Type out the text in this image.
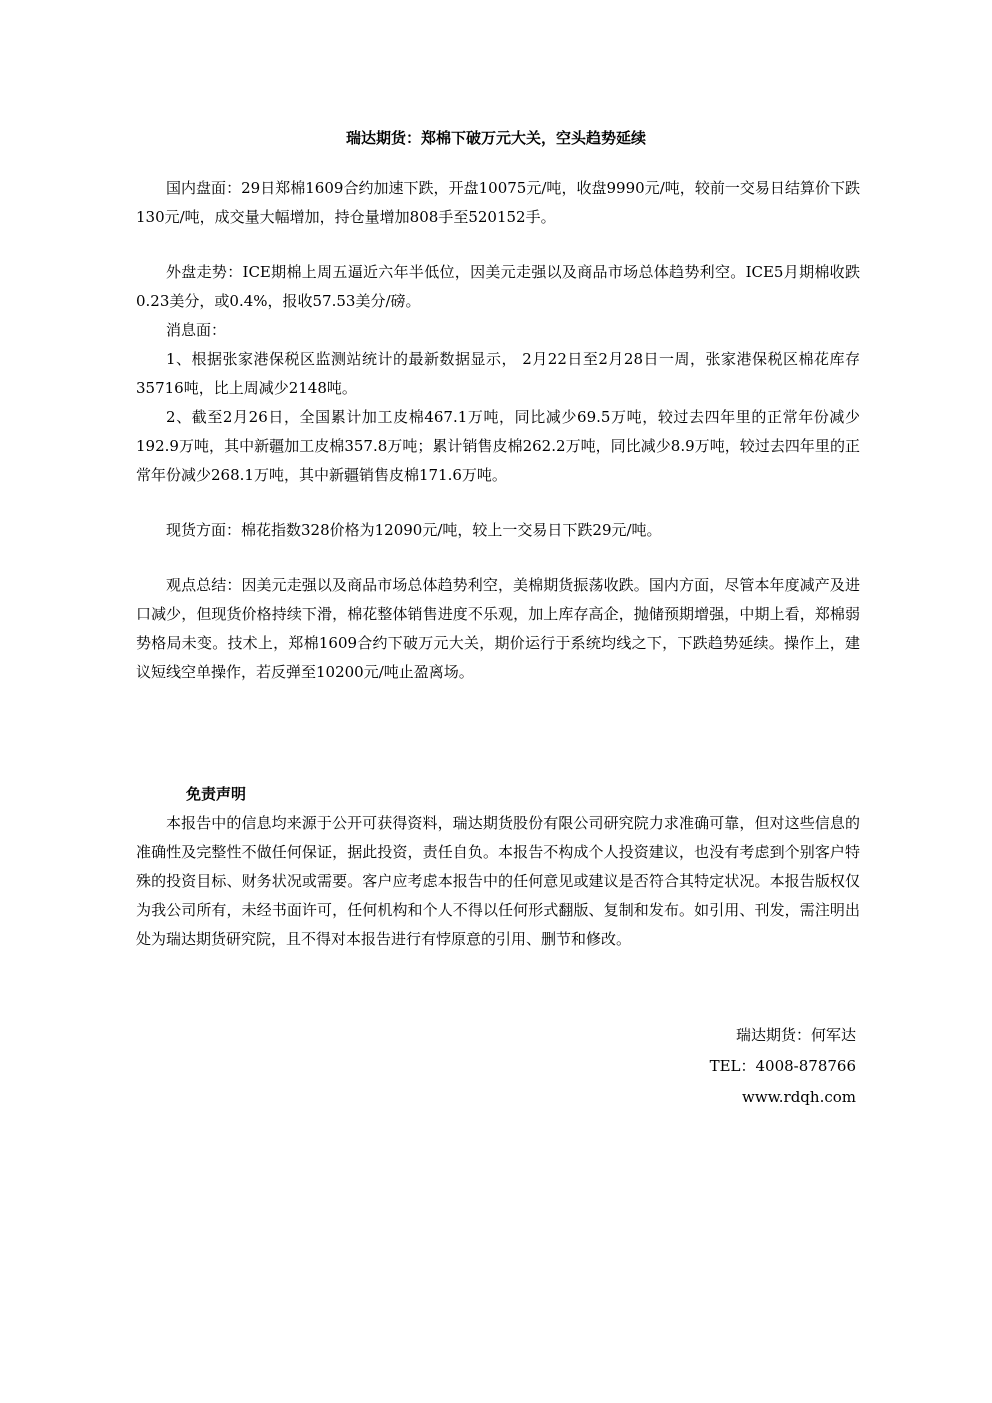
瑞达期货：郑棉下破万元大关，空头趋势延续

国内盘面：29日郑棉1609合约加速下跌，开盘10075元/吨，收盘9990元/吨，较前一交易日结算价下跌130元/吨，成交量大幅增加，持仓量增加808手至520152手。

外盘走势：ICE期棉上周五逼近六年半低位，因美元走强以及商品市场总体趋势利空。ICE5月期棉收跌0.23美分，或0.4%，报收57.53美分/磅。

消息面：

1、根据张家港保税区监测站统计的最新数据显示， 2月22日至2月28日一周，张家港保税区棉花库存35716吨，比上周减少2148吨。

2、截至2月26日，全国累计加工皮棉467.1万吨，同比减少69.5万吨，较过去四年里的正常年份减少192.9万吨，其中新疆加工皮棉357.8万吨；累计销售皮棉262.2万吨，同比减少8.9万吨，较过去四年里的正常年份减少268.1万吨，其中新疆销售皮棉171.6万吨。

现货方面：棉花指数328价格为12090元/吨，较上一交易日下跌29元/吨。

观点总结：因美元走强以及商品市场总体趋势利空，美棉期货振荡收跌。国内方面，尽管本年度减产及进口减少，但现货价格持续下滑，棉花整体销售进度不乐观，加上库存高企，抛储预期增强，中期上看，郑棉弱势格局未变。技术上，郑棉1609合约下破万元大关，期价运行于系统均线之下，下跌趋势延续。操作上，建议短线空单操作，若反弹至10200元/吨止盈离场。

免责声明

本报告中的信息均来源于公开可获得资料，瑞达期货股份有限公司研究院力求准确可靠，但对这些信息的准确性及完整性不做任何保证，据此投资，责任自负。本报告不构成个人投资建议，也没有考虑到个别客户特殊的投资目标、财务状况或需要。客户应考虑本报告中的任何意见或建议是否符合其特定状况。本报告版权仅为我公司所有，未经书面许可，任何机构和个人不得以任何形式翻版、复制和发布。如引用、刊发，需注明出处为瑞达期货研究院，且不得对本报告进行有悖原意的引用、删节和修改。

瑞达期货：何军达
TEL：4008-878766
www.rdqh.com
